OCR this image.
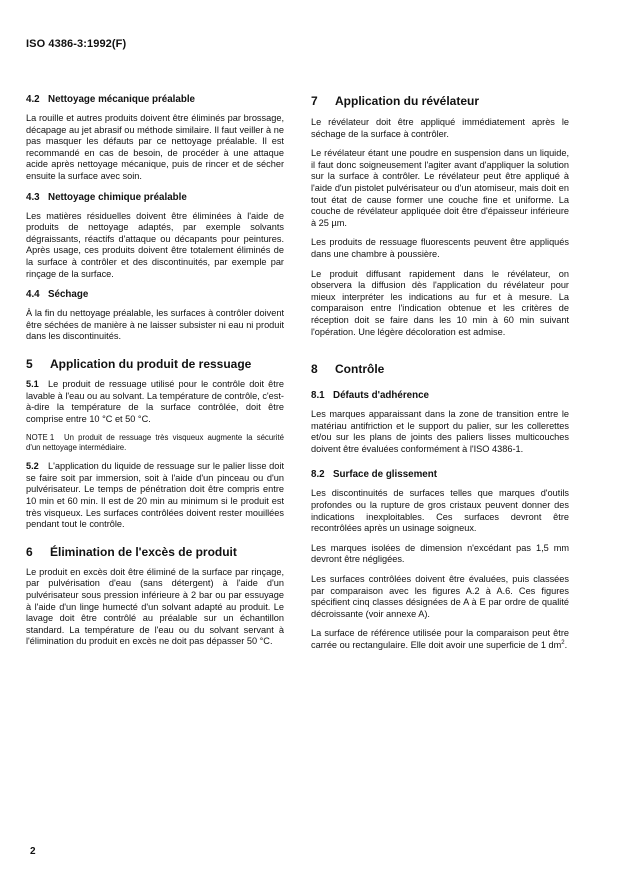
ISO 4386-3:1992(F)
4.2 Nettoyage mécanique préalable

La rouille et autres produits doivent être éliminés par brossage, décapage au jet abrasif ou méthode similaire. Il faut veiller à ne pas masquer les défauts par ce nettoyage préalable. Il est recommandé en cas de besoin, de procéder à une attaque acide après nettoyage mécanique, puis de rincer et de sécher ensuite la surface avec soin.

4.3 Nettoyage chimique préalable

Les matières résiduelles doivent être éliminées à l'aide de produits de nettoyage adaptés, par exemple solvants dégraissants, réactifs d'attaque ou décapants pour peintures. Après usage, ces produits doivent être totalement éliminés de la surface à contrôler et des discontinuités, par exemple par rinçage de la surface.

4.4 Séchage

À la fin du nettoyage préalable, les surfaces à contrôler doivent être séchées de manière à ne laisser subsister ni eau ni produit dans les discontinuités.

5 Application du produit de ressuage

5.1 Le produit de ressuage utilisé pour le contrôle doit être lavable à l'eau ou au solvant. La température de contrôle, c'est-à-dire la température de la surface contrôlée, doit être comprise entre 10 °C et 50 °C.

NOTE 1 Un produit de ressuage très visqueux augmente la sécurité d'un nettoyage intermédiaire.

5.2 L'application du liquide de ressuage sur le palier lisse doit se faire soit par immersion, soit à l'aide d'un pinceau ou d'un pulvérisateur. Le temps de pénétration doit être compris entre 10 min et 60 min. Il est de 20 min au minimum si le produit est très visqueux. Les surfaces contrôlées doivent rester mouillées pendant tout le contrôle.

6 Élimination de l'excès de produit

Le produit en excès doit être éliminé de la surface par rinçage, par pulvérisation d'eau (sans détergent) à l'aide d'un pulvérisateur sous pression inférieure à 2 bar ou par essuyage à l'aide d'un linge humecté d'un solvant adapté au produit. Le lavage doit être contrôlé au préalable sur un échantillon standard. La température de l'eau ou du solvant servant à l'élimination du produit en excès ne doit pas dépasser 50 °C.

7 Application du révélateur

Le révélateur doit être appliqué immédiatement après le séchage de la surface à contrôler.

Le révélateur étant une poudre en suspension dans un liquide, il faut donc soigneusement l'agiter avant d'appliquer la solution sur la surface à contrôler. Le révélateur peut être appliqué à l'aide d'un pistolet pulvérisateur ou d'un atomiseur, mais doit en tout état de cause former une couche fine et uniforme. La couche de révélateur appliquée doit être d'épaisseur inférieure à 25 µm.

Les produits de ressuage fluorescents peuvent être appliqués dans une chambre à poussière.

Le produit diffusant rapidement dans le révélateur, on observera la diffusion dès l'application du révélateur pour mieux interpréter les indications au fur et à mesure. La comparaison entre l'indication obtenue et les critères de réception doit se faire dans les 10 min à 60 min suivant l'opération. Une légère décoloration est admise.

8 Contrôle
8.1 Défauts d'adhérence

Les marques apparaissant dans la zone de transition entre le matériau antifriction et le support du palier, sur les collerettes et/ou sur les plans de joints des paliers lisses multicouches doivent être évaluées conformément à l'ISO 4386-1.

8.2 Surface de glissement

Les discontinuités de surfaces telles que marques d'outils profondes ou la rupture de gros cristaux peuvent donner des indications inexploitables. Ces surfaces devront être recontrôlées après un usinage soigneux.

Les marques isolées de dimension n'excédant pas 1,5 mm devront être négligées.

Les surfaces contrôlées doivent être évaluées, puis classées par comparaison avec les figures A.2 à A.6. Ces figures spécifient cinq classes désignées de A à E par ordre de qualité décroissante (voir annexe A).

La surface de référence utilisée pour la comparaison peut être carrée ou rectangulaire. Elle doit avoir une superficie de 1 $dm^2$.

2
